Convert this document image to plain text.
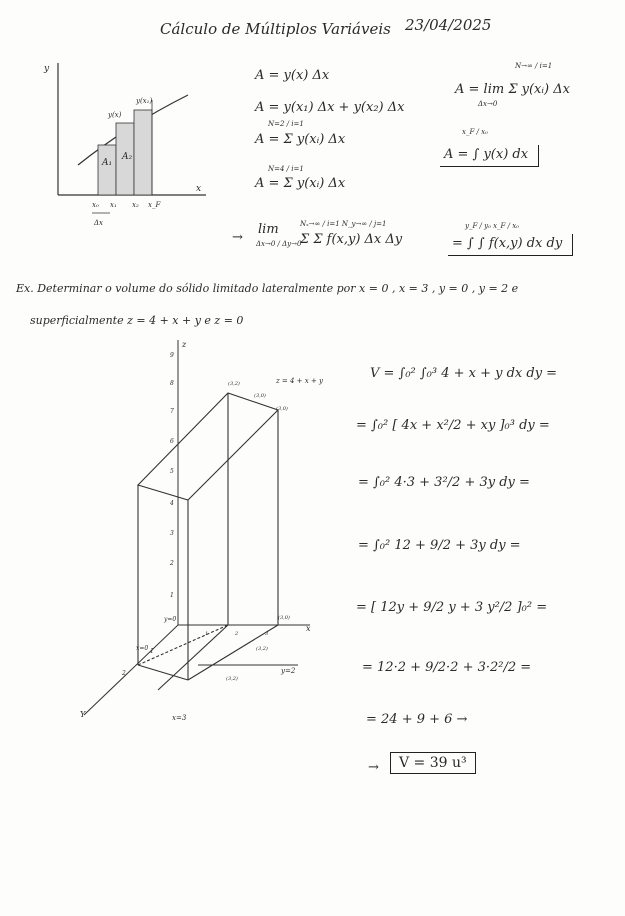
Cálculo de Múltiplos Variáveis 23/04/2025
y
x
y(x)
y(x₁)
A₁
A₂
x₀ x₁ x₂ x_F
Δx
A = y(x) Δx
A = y(x₁) Δx + y(x₂) Δx
N=2 / i=1
A = Σ y(xᵢ) Δx
N=4 / i=1
A = Σ y(xᵢ) Δx
N→∞ / i=1
A = lim Σ y(xᵢ) Δx
Δx→0
x_F / x₀
A = ∫ y(x) dx
→
lim
Δx→0 / Δy→0
Nₓ→∞ / i=1 N_y→∞ / j=1
Σ Σ f(x,y) Δx Δy
y_F / y₀ x_F / x₀
= ∫ ∫ f(x,y) dx dy
Ex. Determinar o volume do sólido limitado lateralmente por x = 0 , x = 3 , y = 0 , y = 2 e
superficialmente z = 4 + x + y e z = 0
z
x
Y
9
8
7
6
5
4
3
2
1
z = 4 + x + y
(3,2)
(3,0)
(3,0)
(3,0)
(3,2)
(3,2)
x=0
y=0
y=2
x=3
1	2	3
1
2
V = ∫₀² ∫₀³ 4 + x + y dx dy =
= ∫₀² [ 4x + x²/2 + xy ]₀³ dy =
= ∫₀² 4·3 + 3²/2 + 3y dy =
= ∫₀² 12 + 9/2 + 3y dy =
= [ 12y + 9/2 y + 3 y²/2 ]₀² =
= 12·2 + 9/2·2 + 3·2²/2 =
= 24 + 9 + 6 →
→	V = 39 u³
